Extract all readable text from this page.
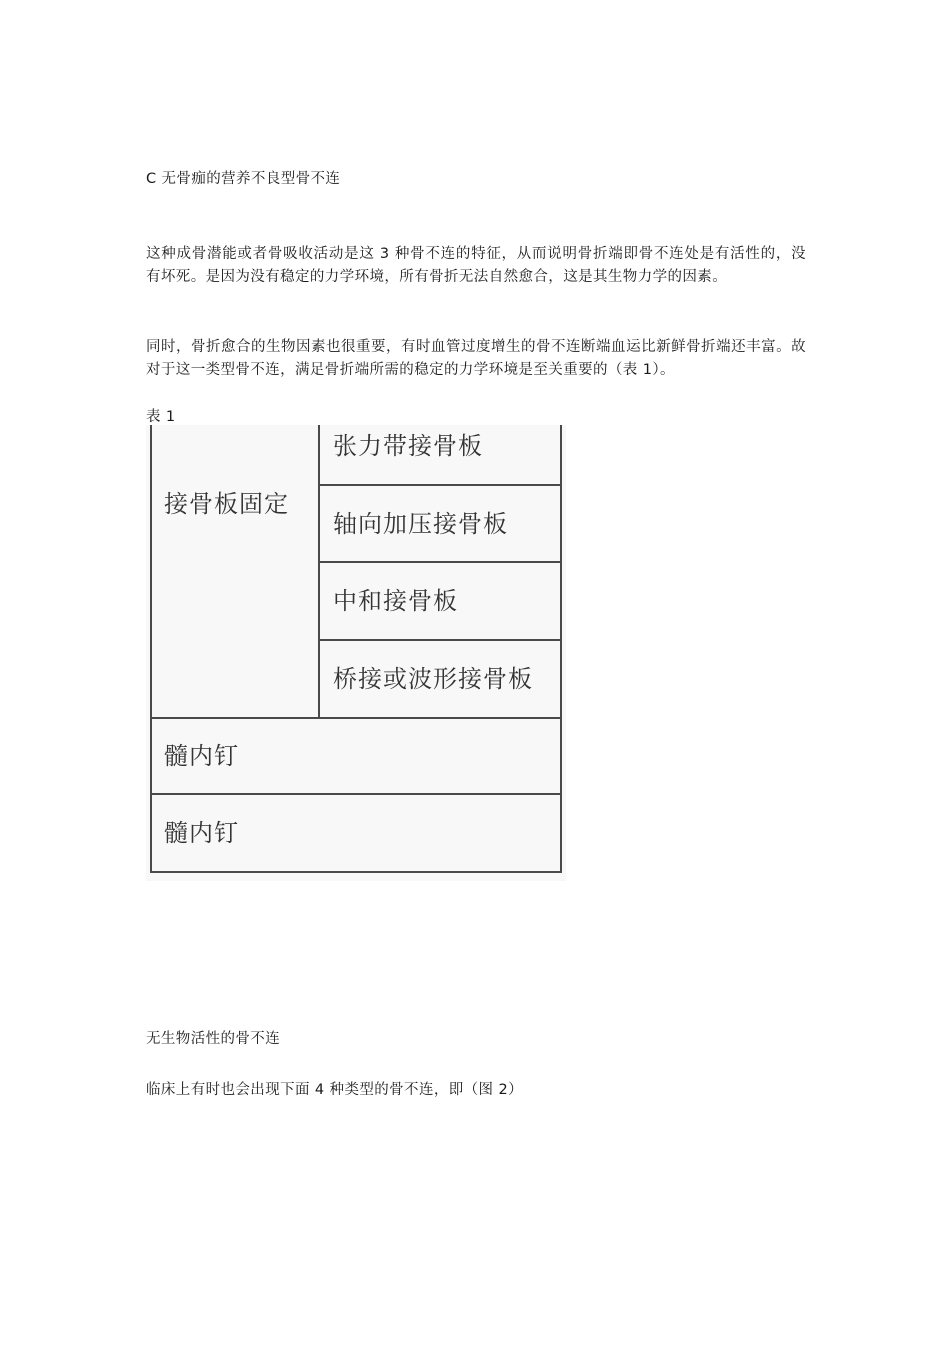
C 无骨痂的营养不良型骨不连

这种成骨潜能或者骨吸收活动是这 3 种骨不连的特征，从而说明骨折端即骨不连处是有活性的，没有坏死。是因为没有稳定的力学环境，所有骨折无法自然愈合，这是其生物力学的因素。

同时，骨折愈合的生物因素也很重要，有时血管过度增生的骨不连断端血运比新鲜骨折端还丰富。故对于这一类型骨不连，满足骨折端所需的稳定的力学环境是至关重要的（表 1）。

表 1

接骨板固定
张力带接骨板
轴向加压接骨板
中和接骨板
桥接或波形接骨板
髓内钉
髓内钉

无生物活性的骨不连

临床上有时也会出现下面 4 种类型的骨不连，即（图 2）
